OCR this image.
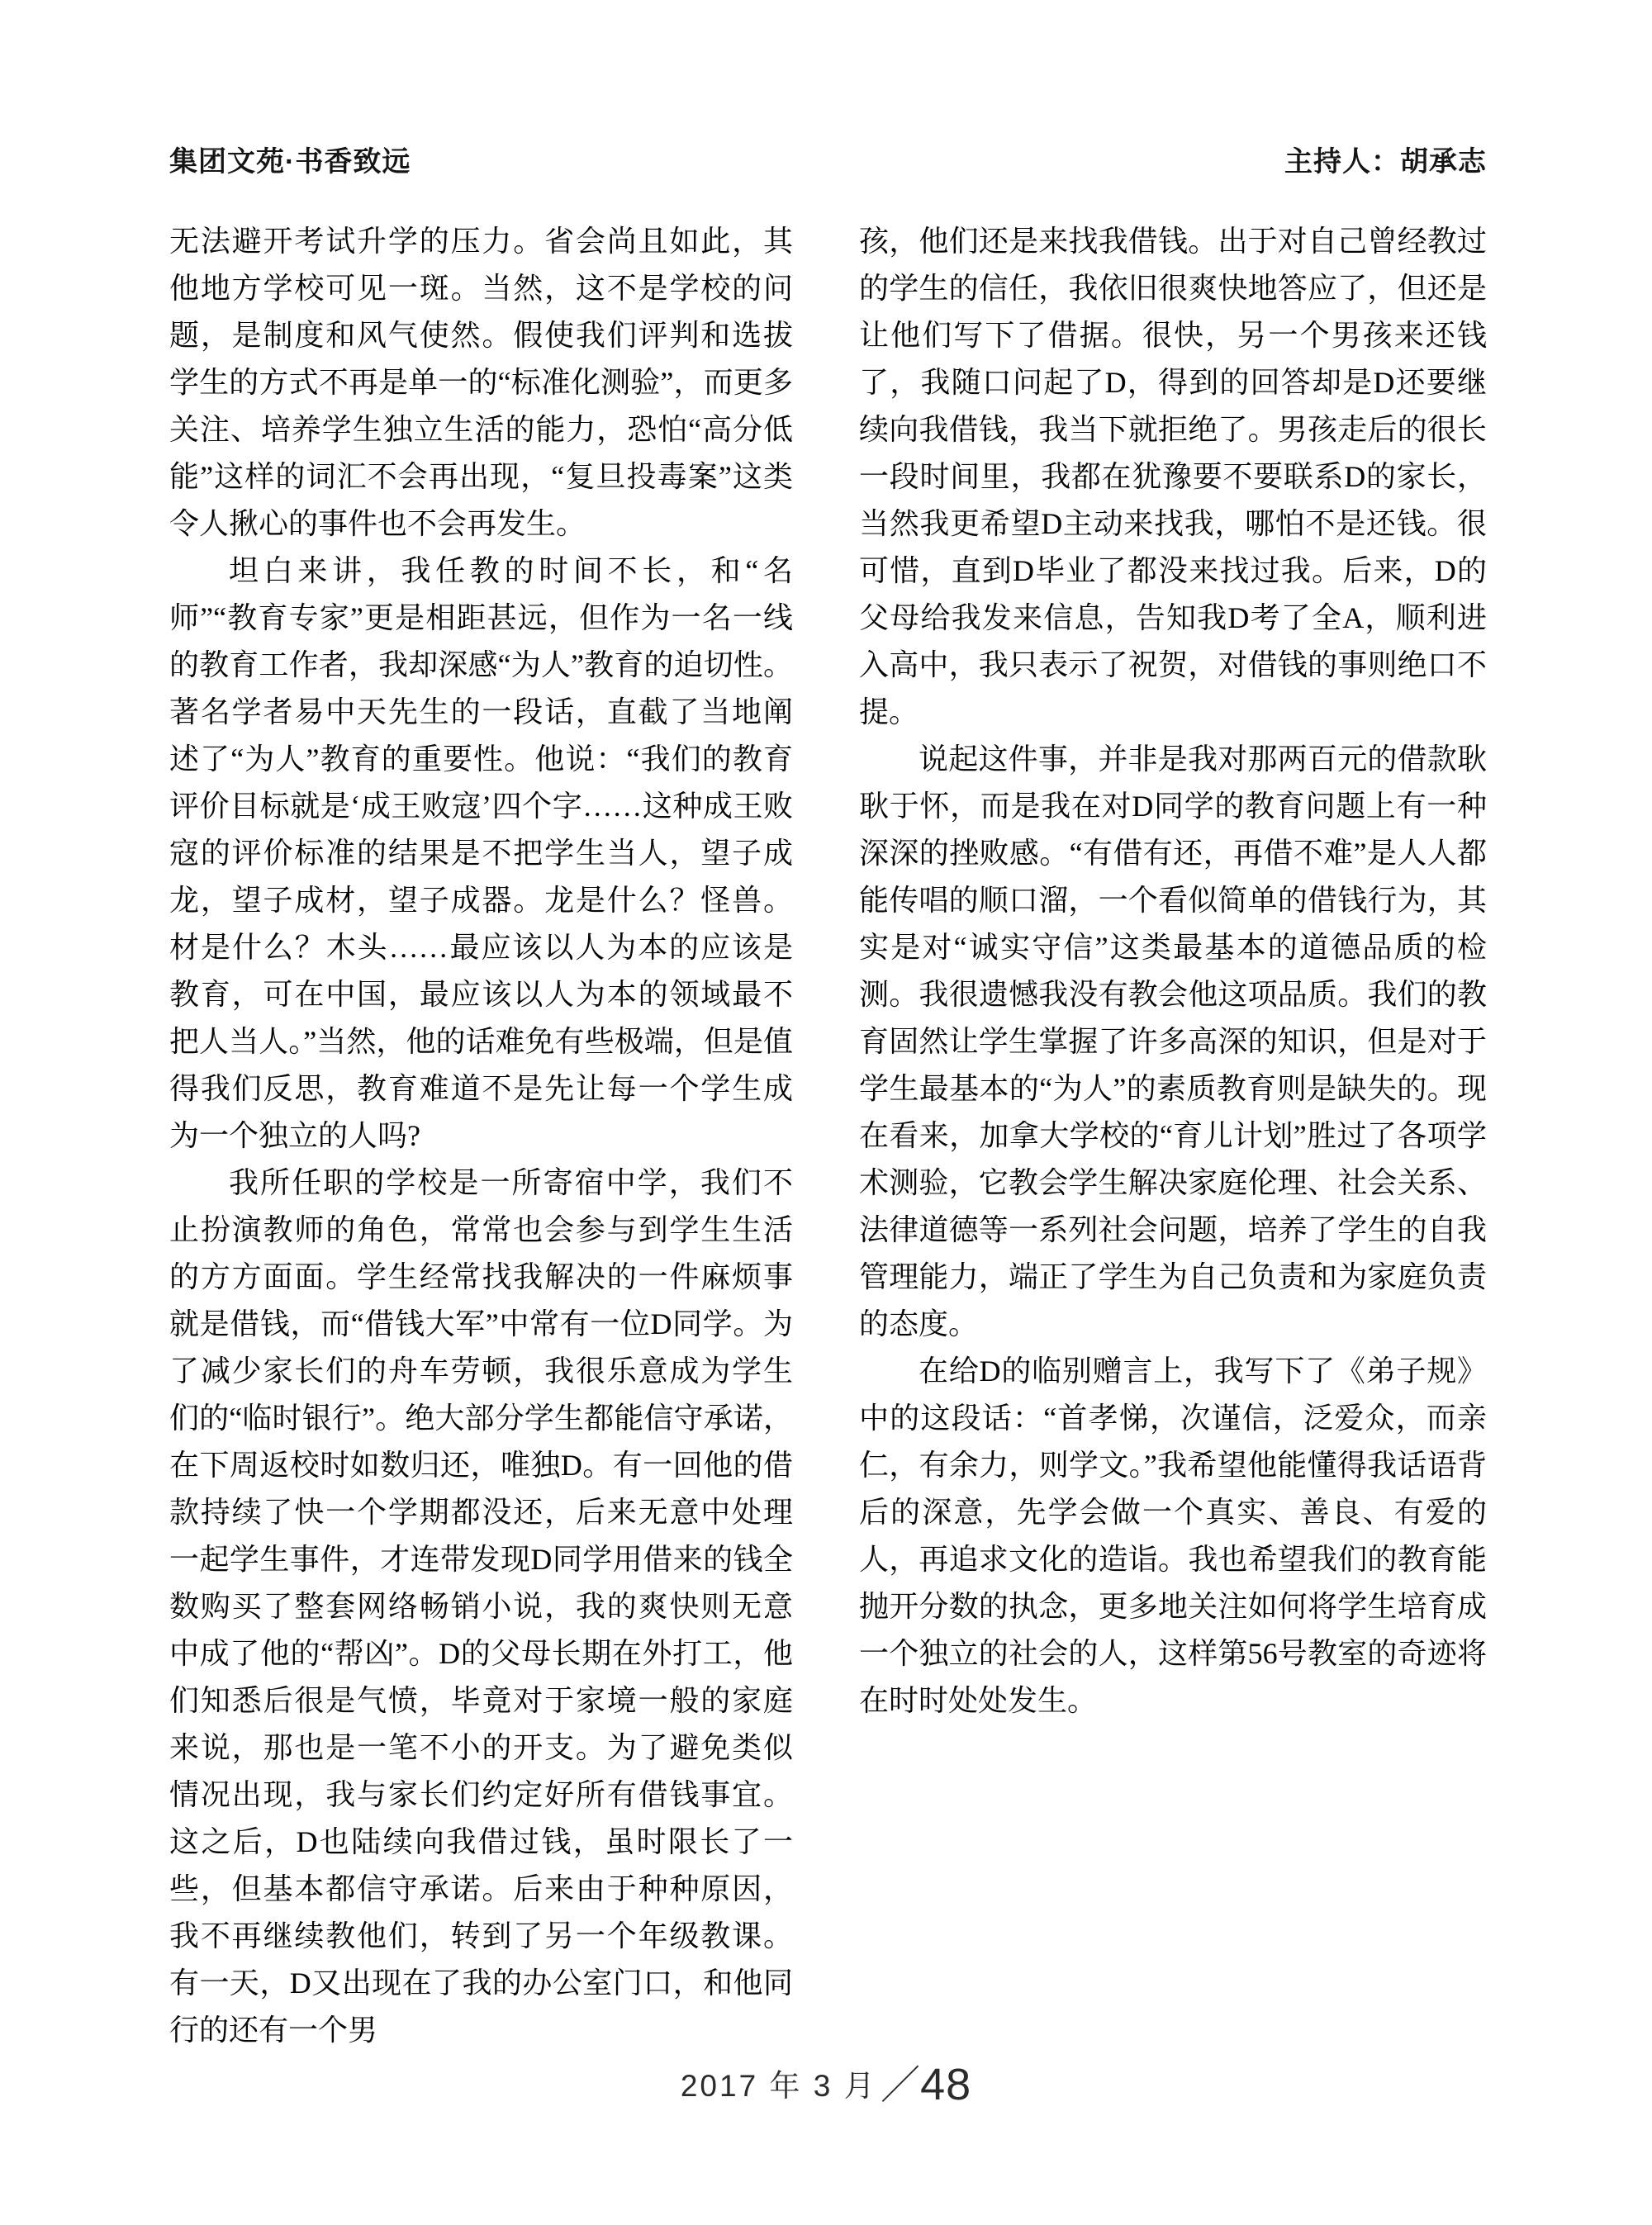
集团文苑·书香致远	主持人：胡承志

无法避开考试升学的压力。省会尚且如此，其他地方学校可见一斑。当然，这不是学校的问题，是制度和风气使然。假使我们评判和选拔学生的方式不再是单一的“标准化测验”，而更多关注、培养学生独立生活的能力，恐怕“高分低能”这样的词汇不会再出现，“复旦投毒案”这类令人揪心的事件也不会再发生。

坦白来讲，我任教的时间不长，和“名师”“教育专家”更是相距甚远，但作为一名一线的教育工作者，我却深感“为人”教育的迫切性。著名学者易中天先生的一段话，直截了当地阐述了“为人”教育的重要性。他说：“我们的教育评价目标就是‘成王败寇’四个字……这种成王败寇的评价标准的结果是不把学生当人，望子成龙，望子成材，望子成器。龙是什么？怪兽。材是什么？木头……最应该以人为本的应该是教育，可在中国，最应该以人为本的领域最不把人当人。”当然，他的话难免有些极端，但是值得我们反思，教育难道不是先让每一个学生成为一个独立的人吗?

我所任职的学校是一所寄宿中学，我们不止扮演教师的角色，常常也会参与到学生生活的方方面面。学生经常找我解决的一件麻烦事就是借钱，而“借钱大军”中常有一位D同学。为了减少家长们的舟车劳顿，我很乐意成为学生们的“临时银行”。绝大部分学生都能信守承诺，在下周返校时如数归还，唯独D。有一回他的借款持续了快一个学期都没还，后来无意中处理一起学生事件，才连带发现D同学用借来的钱全数购买了整套网络畅销小说，我的爽快则无意中成了他的“帮凶”。D的父母长期在外打工，他们知悉后很是气愤，毕竟对于家境一般的家庭来说，那也是一笔不小的开支。为了避免类似情况出现，我与家长们约定好所有借钱事宜。这之后，D也陆续向我借过钱，虽时限长了一些，但基本都信守承诺。后来由于种种原因，我不再继续教他们，转到了另一个年级教课。有一天，D又出现在了我的办公室门口，和他同行的还有一个男

孩，他们还是来找我借钱。出于对自己曾经教过的学生的信任，我依旧很爽快地答应了，但还是让他们写下了借据。很快，另一个男孩来还钱了，我随口问起了D，得到的回答却是D还要继续向我借钱，我当下就拒绝了。男孩走后的很长一段时间里，我都在犹豫要不要联系D的家长，当然我更希望D主动来找我，哪怕不是还钱。很可惜，直到D毕业了都没来找过我。后来，D的父母给我发来信息，告知我D考了全A，顺利进入高中，我只表示了祝贺，对借钱的事则绝口不提。

说起这件事，并非是我对那两百元的借款耿耿于怀，而是我在对D同学的教育问题上有一种深深的挫败感。“有借有还，再借不难”是人人都能传唱的顺口溜，一个看似简单的借钱行为，其实是对“诚实守信”这类最基本的道德品质的检测。我很遗憾我没有教会他这项品质。我们的教育固然让学生掌握了许多高深的知识，但是对于学生最基本的“为人”的素质教育则是缺失的。现在看来，加拿大学校的“育儿计划”胜过了各项学术测验，它教会学生解决家庭伦理、社会关系、法律道德等一系列社会问题，培养了学生的自我管理能力，端正了学生为自己负责和为家庭负责的态度。

在给D的临别赠言上，我写下了《弟子规》中的这段话：“首孝悌，次谨信，泛爱众，而亲仁，有余力，则学文。”我希望他能懂得我话语背后的深意，先学会做一个真实、善良、有爱的人，再追求文化的造诣。我也希望我们的教育能抛开分数的执念，更多地关注如何将学生培育成一个独立的社会的人，这样第56号教室的奇迹将在时时处处发生。

2017 年 3 月 ／48
